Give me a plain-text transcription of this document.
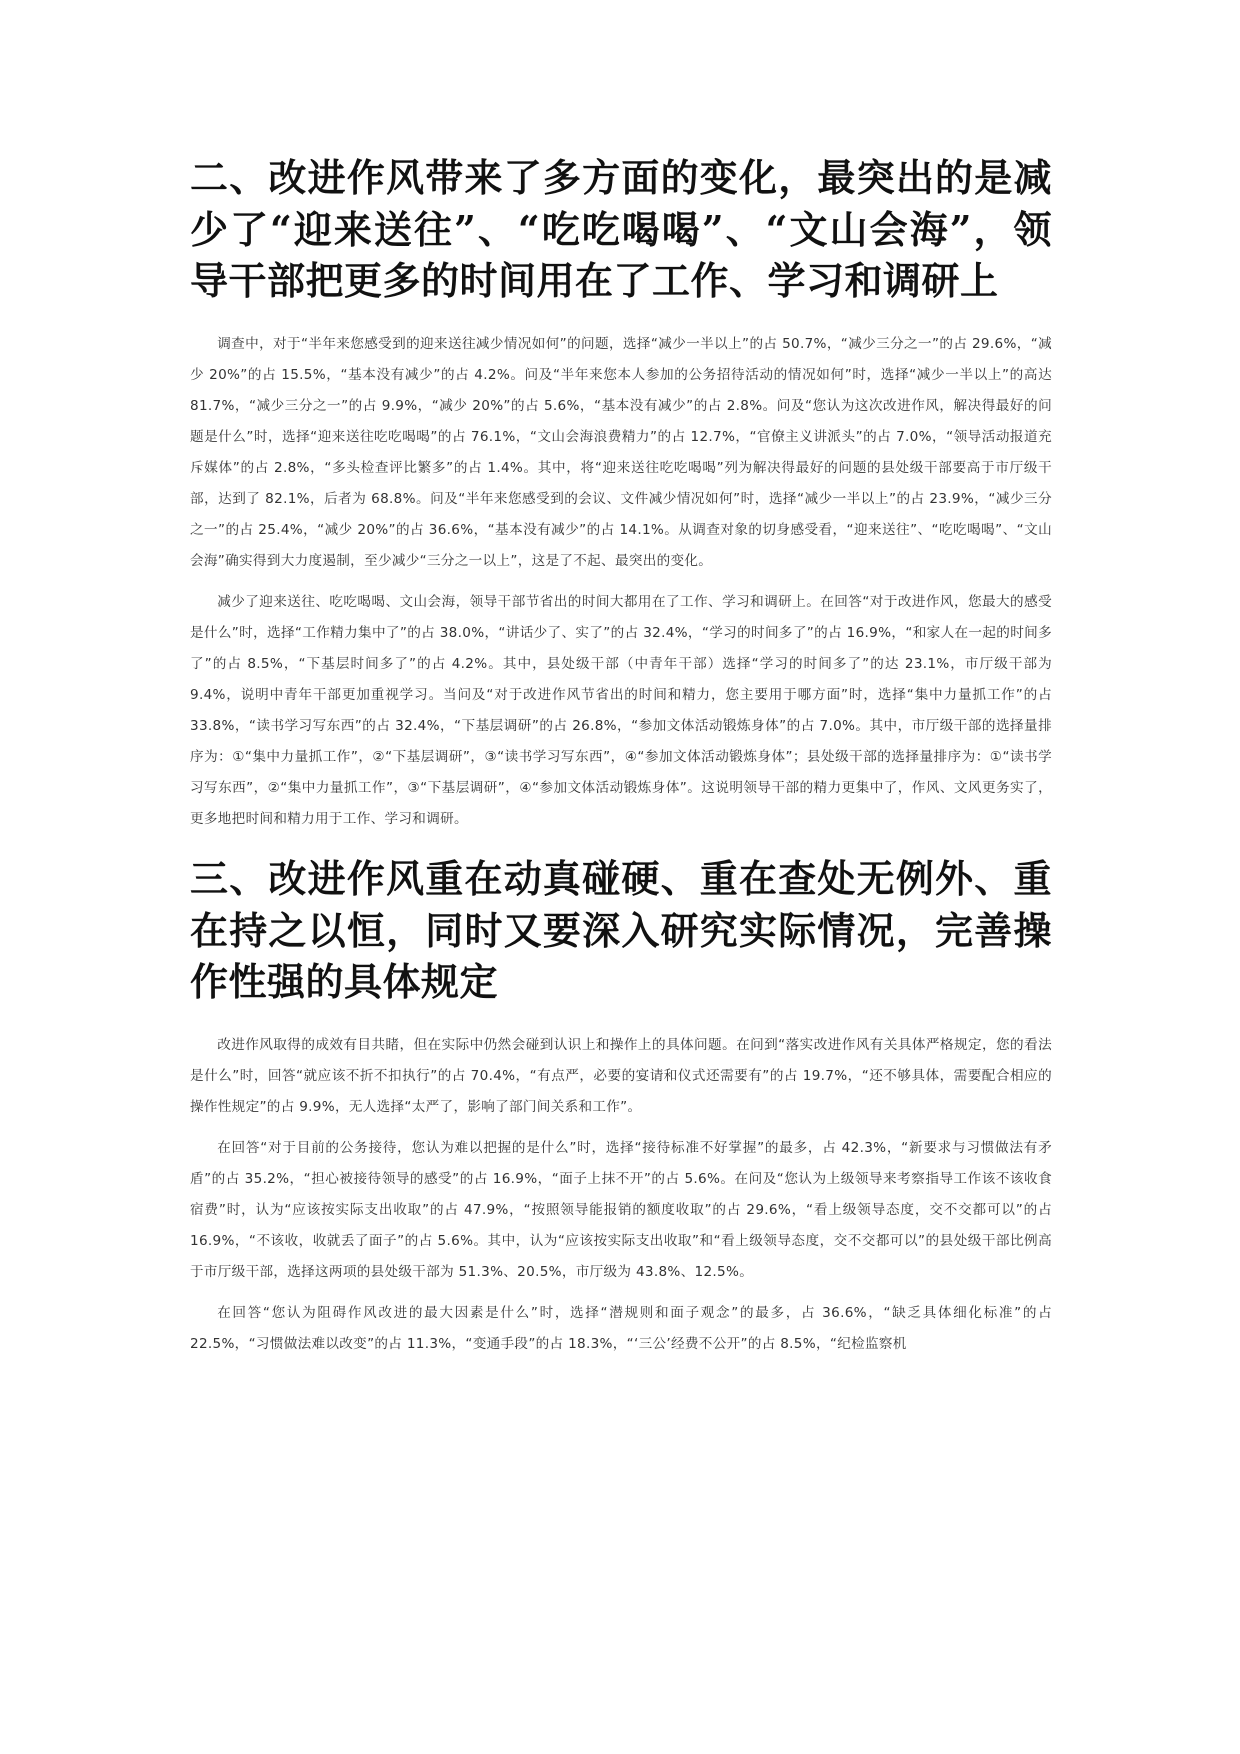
二、改进作风带来了多方面的变化，最突出的是减少了“迎来送往”、“吃吃喝喝”、“文山会海”，领导干部把更多的时间用在了工作、学习和调研上

调查中，对于“半年来您感受到的迎来送往减少情况如何”的问题，选择“减少一半以上”的占 50.7%，“减少三分之一”的占 29.6%，“减少 20%”的占 15.5%，“基本没有减少”的占 4.2%。问及“半年来您本人参加的公务招待活动的情况如何”时，选择“减少一半以上”的高达 81.7%，“减少三分之一”的占 9.9%，“减少 20%”的占 5.6%，“基本没有减少”的占 2.8%。问及“您认为这次改进作风，解决得最好的问题是什么”时，选择“迎来送往吃吃喝喝”的占 76.1%，“文山会海浪费精力”的占 12.7%，“官僚主义讲派头”的占 7.0%，“领导活动报道充斥媒体”的占 2.8%，“多头检查评比繁多”的占 1.4%。其中，将“迎来送往吃吃喝喝”列为解决得最好的问题的县处级干部要高于市厅级干部，达到了 82.1%，后者为 68.8%。问及“半年来您感受到的会议、文件减少情况如何”时，选择“减少一半以上”的占 23.9%，“减少三分之一”的占 25.4%，“减少 20%”的占 36.6%，“基本没有减少”的占 14.1%。从调查对象的切身感受看，“迎来送往”、“吃吃喝喝”、“文山会海”确实得到大力度遏制，至少减少“三分之一以上”，这是了不起、最突出的变化。

减少了迎来送往、吃吃喝喝、文山会海，领导干部节省出的时间大都用在了工作、学习和调研上。在回答“对于改进作风，您最大的感受是什么”时，选择“工作精力集中了”的占 38.0%，“讲话少了、实了”的占 32.4%，“学习的时间多了”的占 16.9%，“和家人在一起的时间多了”的占 8.5%，“下基层时间多了”的占 4.2%。其中，县处级干部（中青年干部）选择“学习的时间多了”的达 23.1%，市厅级干部为 9.4%，说明中青年干部更加重视学习。当问及“对于改进作风节省出的时间和精力，您主要用于哪方面”时，选择“集中力量抓工作”的占 33.8%，“读书学习写东西”的占 32.4%，“下基层调研”的占 26.8%，“参加文体活动锻炼身体”的占 7.0%。其中，市厅级干部的选择量排序为：①“集中力量抓工作”，②“下基层调研”，③“读书学习写东西”，④“参加文体活动锻炼身体”；县处级干部的选择量排序为：①“读书学习写东西”，②“集中力量抓工作”，③“下基层调研”，④“参加文体活动锻炼身体”。这说明领导干部的精力更集中了，作风、文风更务实了，更多地把时间和精力用于工作、学习和调研。

三、改进作风重在动真碰硬、重在查处无例外、重在持之以恒，同时又要深入研究实际情况，完善操作性强的具体规定

改进作风取得的成效有目共睹，但在实际中仍然会碰到认识上和操作上的具体问题。在问到“落实改进作风有关具体严格规定，您的看法是什么”时，回答“就应该不折不扣执行”的占 70.4%，“有点严，必要的宴请和仪式还需要有”的占 19.7%，“还不够具体，需要配合相应的操作性规定”的占 9.9%，无人选择“太严了，影响了部门间关系和工作”。

在回答“对于目前的公务接待，您认为难以把握的是什么”时，选择“接待标准不好掌握”的最多，占 42.3%，“新要求与习惯做法有矛盾”的占 35.2%，“担心被接待领导的感受”的占 16.9%，“面子上抹不开”的占 5.6%。在问及“您认为上级领导来考察指导工作该不该收食宿费”时，认为“应该按实际支出收取”的占 47.9%，“按照领导能报销的额度收取”的占 29.6%，“看上级领导态度，交不交都可以”的占 16.9%，“不该收，收就丢了面子”的占 5.6%。其中，认为“应该按实际支出收取”和“看上级领导态度，交不交都可以”的县处级干部比例高于市厅级干部，选择这两项的县处级干部为 51.3%、20.5%，市厅级为 43.8%、12.5%。

在回答“您认为阻碍作风改进的最大因素是什么”时，选择“潜规则和面子观念”的最多，占 36.6%，“缺乏具体细化标准”的占 22.5%，“习惯做法难以改变”的占 11.3%，“变通手段”的占 18.3%，“‘三公’经费不公开”的占 8.5%，“纪检监察机
